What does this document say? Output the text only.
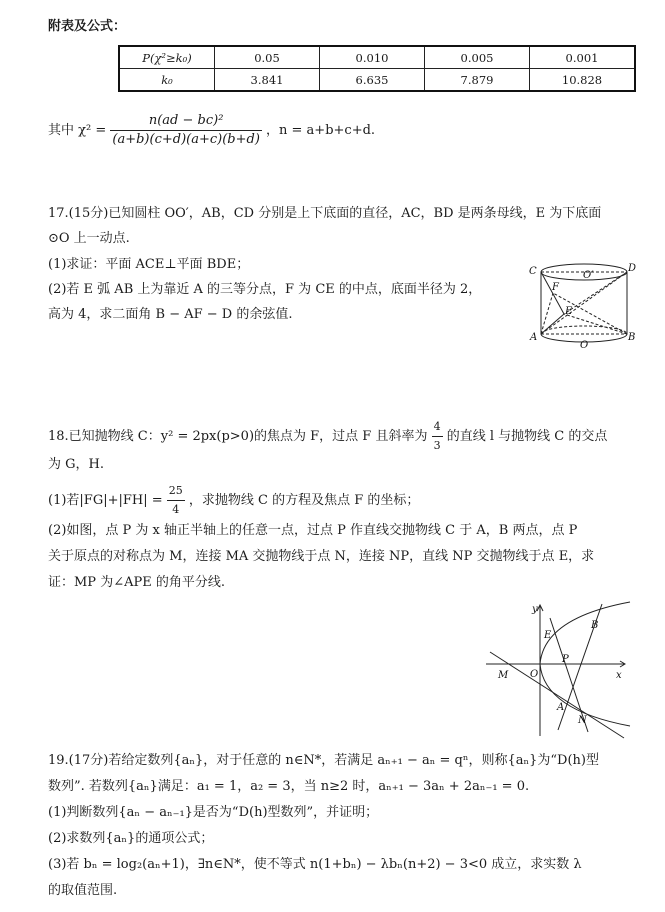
附表及公式：
P(χ²≥k₀)	0.05	0.010	0.005	0.001
k₀	3.841	6.635	7.879	10.828
其中 $\chi^2 = \frac{\text{n(ad − bc)²}}{(a+b)(c+d)(a+c)(b+d)}$ ，n = a+b+c+d.
17.(15分)已知圆柱 OO′，AB，CD 分别是上下底面的直径，AC，BD 是两条母线，E 为下底面
⊙O 上一动点.
(1)求证：平面 ACE⊥平面 BDE；
(2)若 E 弧 AB 上为靠近 A 的三等分点，F 为 CE 的中点，底面半径为 2，
高为 4，求二面角 B − AF − D 的余弦值.
C	O′
D
F
E
A
O
B
18.已知抛物线 C：y² = 2px(p>0)的焦点为 F，过点 F 且斜率为 $\frac{4}{3}$ 的直线 l 与抛物线 C 的交点
为 G，H.
(1)若$|FG|+|FH| = \frac{25}{4}$ ，求抛物线 C 的方程及焦点 F 的坐标；
(2)如图，点 P 为 x 轴正半轴上的任意一点，过点 P 作直线交抛物线 C 于 A，B 两点，点 P
关于原点的对称点为 M，连接 MA 交抛物线于点 N，连接 NP，直线 NP 交抛物线于点 E，求
证：MP 为∠APE 的角平分线.
y
E
B
P
M O	x
A
N
19.(17分)若给定数列{aₙ}，对于任意的 n∈N*，若满足 aₙ₊₁ − aₙ = qⁿ，则称{aₙ}为“D(h)型
数列”. 若数列{aₙ}满足：a₁ = 1，a₂ = 3，当 n≥2 时，aₙ₊₁ − 3aₙ + 2aₙ₋₁ = 0.
(1)判断数列{aₙ − aₙ₋₁}是否为“D(h)型数列”，并证明；
(2)求数列{aₙ}的通项公式；
(3)若 bₙ = log₂(aₙ+1)，∃n∈N*，使不等式 n(1+bₙ) − λbₙ(n+2) − 3<0 成立，求实数 λ
的取值范围.
